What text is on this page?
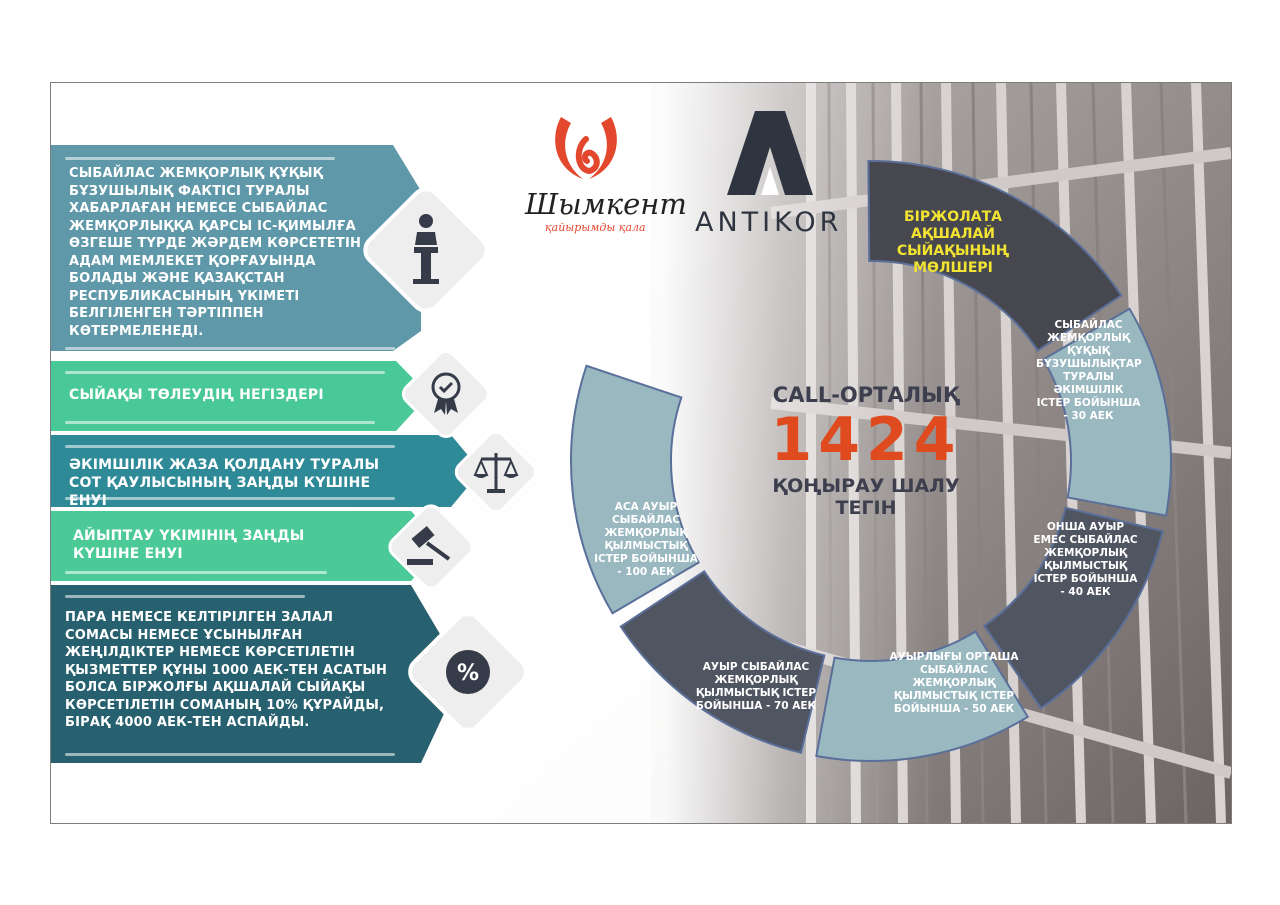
Шымкент
қайырымды қала ANTIKOR
СЫБАЙЛАС ЖЕМҚОРЛЫҚ ҚҰҚЫҚ БҰЗУШЫЛЫҚ ФАКТІСІ ТУРАЛЫ ХАБАРЛАҒАН НЕМЕСЕ СЫБАЙЛАС ЖЕМҚОРЛЫҚҚА ҚАРСЫ ІС-ҚИМЫЛҒА ӨЗГЕШЕ ТҮРДЕ ЖӘРДЕМ КӨРСЕТЕТІН АДАМ МЕМЛЕКЕТ ҚОРҒАУЫНДА БОЛАДЫ ЖӘНЕ ҚАЗАҚСТАН РЕСПУБЛИКАСЫНЫҢ ҮКІМЕТІ БЕЛГІЛЕНГЕН ТӘРТІППЕН КӨТЕРМЕЛЕНЕДІ.
СЫЙАҚЫ ТӨЛЕУДІҢ НЕГІЗДЕРІ
ӘКІМШІЛІК ЖАЗА ҚОЛДАНУ ТУРАЛЫ СОТ ҚАУЛЫСЫНЫҢ ЗАҢДЫ КҮШІНЕ ЕНУІ
АЙЫПТАУ ҮКІМІНІҢ ЗАҢДЫ КҮШІНЕ ЕНУІ
ПАРА НЕМЕСЕ КЕЛТІРІЛГЕН ЗАЛАЛ СОМАСЫ НЕМЕСЕ ҰСЫНЫЛҒАН ЖЕҢІЛДІКТЕР НЕМЕСЕ КӨРСЕТІЛЕТІН ҚЫЗМЕТТЕР ҚҰНЫ 1000 АЕК-ТЕН АСАТЫН БОЛСА БІРЖОЛҒЫ АҚШАЛАЙ СЫЙАҚЫ КӨРСЕТІЛЕТІН СОМАНЫҢ 10% ҚҰРАЙДЫ, БІРАҚ 4000 АЕК-ТЕН АСПАЙДЫ.
%
CALL-ОРТАЛЫҚ
1424
ҚОҢЫРАУ ШАЛУ
ТЕГІН
БІРЖОЛАТА АҚШАЛАЙ СЫЙАҚЫНЫҢ МӨЛШЕРІ
СЫБАЙЛАС ЖЕМҚОРЛЫҚ ҚҰҚЫҚ БҰЗУШЫЛЫҚТАР ТУРАЛЫ ӘКІМШІЛІК ІСТЕР БОЙЫНША - 30 АЕК
ОНША АУЫР ЕМЕС СЫБАЙЛАС ЖЕМҚОРЛЫҚ ҚЫЛМЫСТЫҚ ІСТЕР БОЙЫНША - 40 АЕК
АУЫРЛЫҒЫ ОРТАША СЫБАЙЛАС ЖЕМҚОРЛЫҚ ҚЫЛМЫСТЫҚ ІСТЕР БОЙЫНША - 50 АЕК
АУЫР СЫБАЙЛАС ЖЕМҚОРЛЫҚ ҚЫЛМЫСТЫҚ ІСТЕР БОЙЫНША - 70 АЕК
АСА АУЫР СЫБАЙЛАС ЖЕМҚОРЛЫҚ ҚЫЛМЫСТЫҚ ІСТЕР БОЙЫНША - 100 АЕК
